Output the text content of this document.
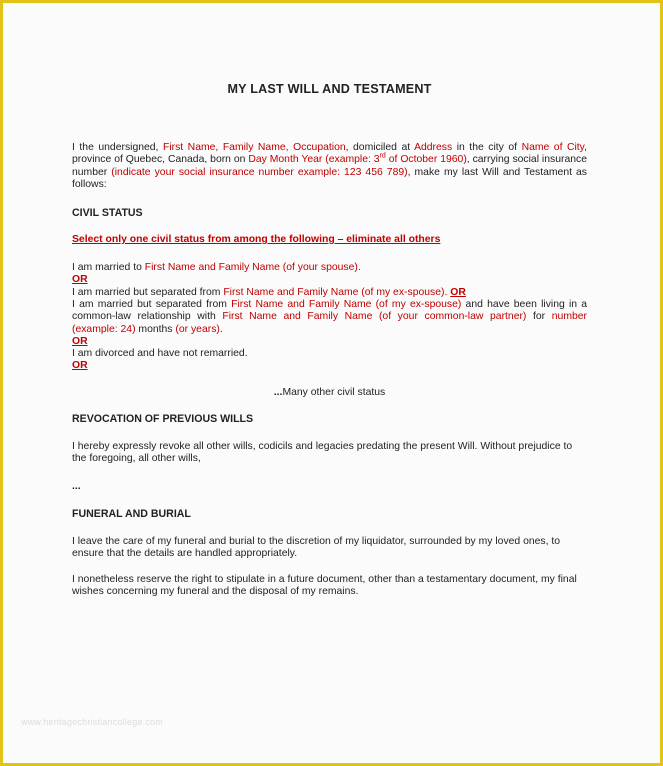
MY LAST WILL AND TESTAMENT

I the undersigned, First Name, Family Name, Occupation, domiciled at Address in the city of Name of City, province of Quebec, Canada, born on Day Month Year (example: 3rd of October 1960), carrying social insurance number (indicate your social insurance number example: 123 456 789), make my last Will and Testament as follows:

CIVIL STATUS
Select only one civil status from among the following – eliminate all others
I am married to First Name and Family Name (of your spouse).
OR
I am married but separated from First Name and Family Name (of my ex-spouse). OR

I am married but separated from First Name and Family Name (of my ex-spouse) and have been living in a common-law relationship with First Name and Family Name (of your common-law partner) for number (example: 24) months (or years).

OR
I am divorced and have not remarried.
OR
...Many other civil status
REVOCATION OF PREVIOUS WILLS

I hereby expressly revoke all other wills, codicils and legacies predating the present Will. Without prejudice to the foregoing, all other wills,

...
FUNERAL AND BURIAL

I leave the care of my funeral and burial to the discretion of my liquidator, surrounded by my loved ones, to ensure that the details are handled appropriately.

I nonetheless reserve the right to stipulate in a future document, other than a testamentary document, my final wishes concerning my funeral and the disposal of my remains.

www.heritagechristiancollege.com
